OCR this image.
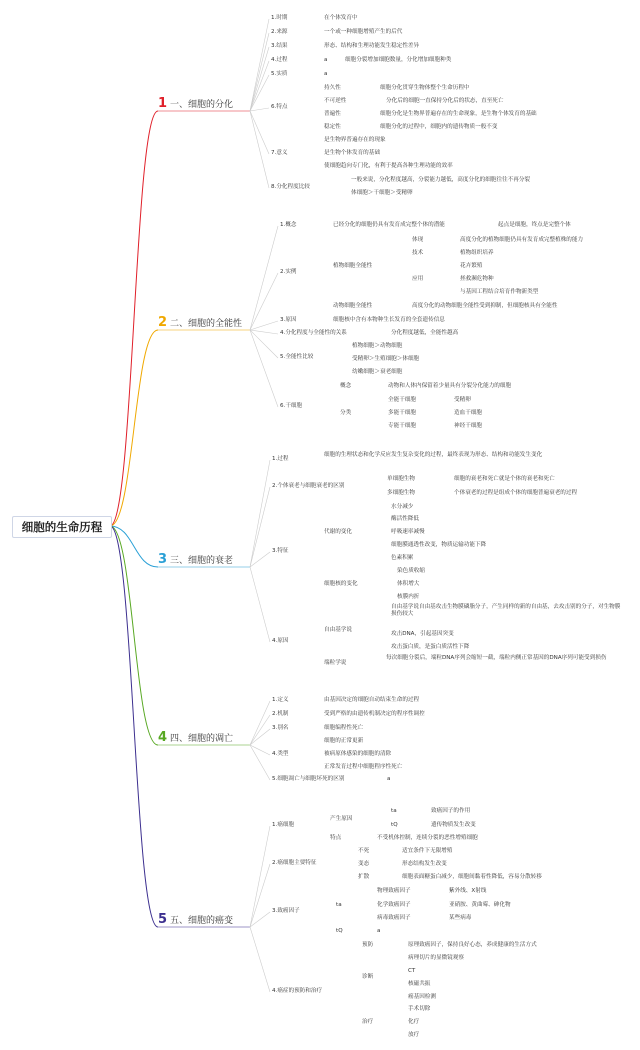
细胞的生命历程
1 一、细胞的分化
2 二、细胞的全能性
3 三、细胞的衰老
4 四、细胞的凋亡
5 五、细胞的癌变
1.时期
2.来源
3.结果
4.过程
5.实质
6.特点
7.意义
8.分化程度比较
在个体发育中
一个或一种细胞增殖产生的后代
形态、结构和生理功能发生稳定性差异
a	细胞分裂增加细胞数量，分化增加细胞种类
a
持久性	细胞分化贯穿生物体整个生命历程中
不可逆性	分化后的细胞一直保持分化后的状态，直至死亡
普遍性	细胞分化是生物界普遍存在的生命现象，是生物个体发育的基础
稳定性	细胞分化的过程中，细胞内的遗传物质一般不变
是生物界普遍存在的现象
是生物个体发育的基础
使细胞趋向专门化，有利于提高各种生理功能的效率
一般来说，分化程度越高，分裂能力越低，高度分化的细胞往往不再分裂
体细胞＞干细胞＞受精卵
1.概念
2.实例
3.原因
4.分化程度与全能性的关系
5.全能性比较
6.干细胞
已经分化的细胞仍具有发育成完整个体的潜能	起点是细胞，终点是完整个体
植物细胞全能性
体现	高度分化的植物细胞仍具有发育成完整植株的能力
技术	植物组织培养
应用
花卉繁殖
拯救濒危物种
与基因工程结合培育作物新类型
动物细胞全能性	高度分化的动物细胞全能性受到抑制，但细胞核具有全能性
细胞核中含有本物种生长发育的全套遗传信息
分化程度越低，全能性越高
植物细胞＞动物细胞
受精卵＞生殖细胞＞体细胞
幼嫩细胞＞衰老细胞
概念	动物和人体内保留着少量具有分裂分化能力的细胞
分类
全能干细胞	受精卵
多能干细胞	造血干细胞
专能干细胞	神经干细胞
1.过程
2.个体衰老与细胞衰老的区别
3.特征
4.原因
细胞的生理状态和化学反应发生复杂变化的过程，最终表现为形态、结构和功能发生变化
单细胞生物	细胞的衰老和死亡就是个体的衰老和死亡
多细胞生物	个体衰老的过程是组成个体的细胞普遍衰老的过程
代谢的变化
水分减少
酶活性降低
呼吸速率减慢
细胞膜通透性改变，物质运输功能下降
色素积累
细胞核的变化
染色质收缩
体积增大
核膜内折
自由基学说
自由基学说自由基攻击生物膜磷脂分子，产生同样的新的自由基，去攻击别的分子，对生物膜损伤较大
攻击DNA，引起基因突变
攻击蛋白质，是蛋白质活性下降
端粒学说
每次细胞分裂后，端粒DNA序列会缩短一截，端粒内侧正常基因的DNA序列可能受到损伤
1.定义
2.机制
3.别名
4.类型
5.细胞凋亡与细胞坏死的区别
由基因决定的细胞自动结束生命的过程
受到严格的由遗传机制决定的程序性调控
细胞编程性死亡
细胞的正常更新
被病原体感染的细胞的清除
正常发育过程中细胞程序性死亡
a
1.癌细胞
2.癌细胞主要特征
3.致癌因子
4.癌症的预防和治疗
产生原因
ta	致癌因子的作用
tQ	遗传物质发生改变
特点	不受机体控制，连续分裂的恶性增殖细胞
不死	适宜条件下无限增殖
变态	形态结构发生改变
扩散	细胞表面糖蛋白减少，细胞间黏着性降低，容易分散转移
ta
物理致癌因子	紫外线、X射线
化学致癌因子	亚硝胺、黄曲霉、砷化物
病毒致癌因子	某些病毒
tQ	a
预防	原理致癌因子，保持良好心态，养成健康的生活方式
诊断
病理切片的显微镜观察
CT
核磁共振
癌基因检测
手术切除
治疗	化疗
放疗
